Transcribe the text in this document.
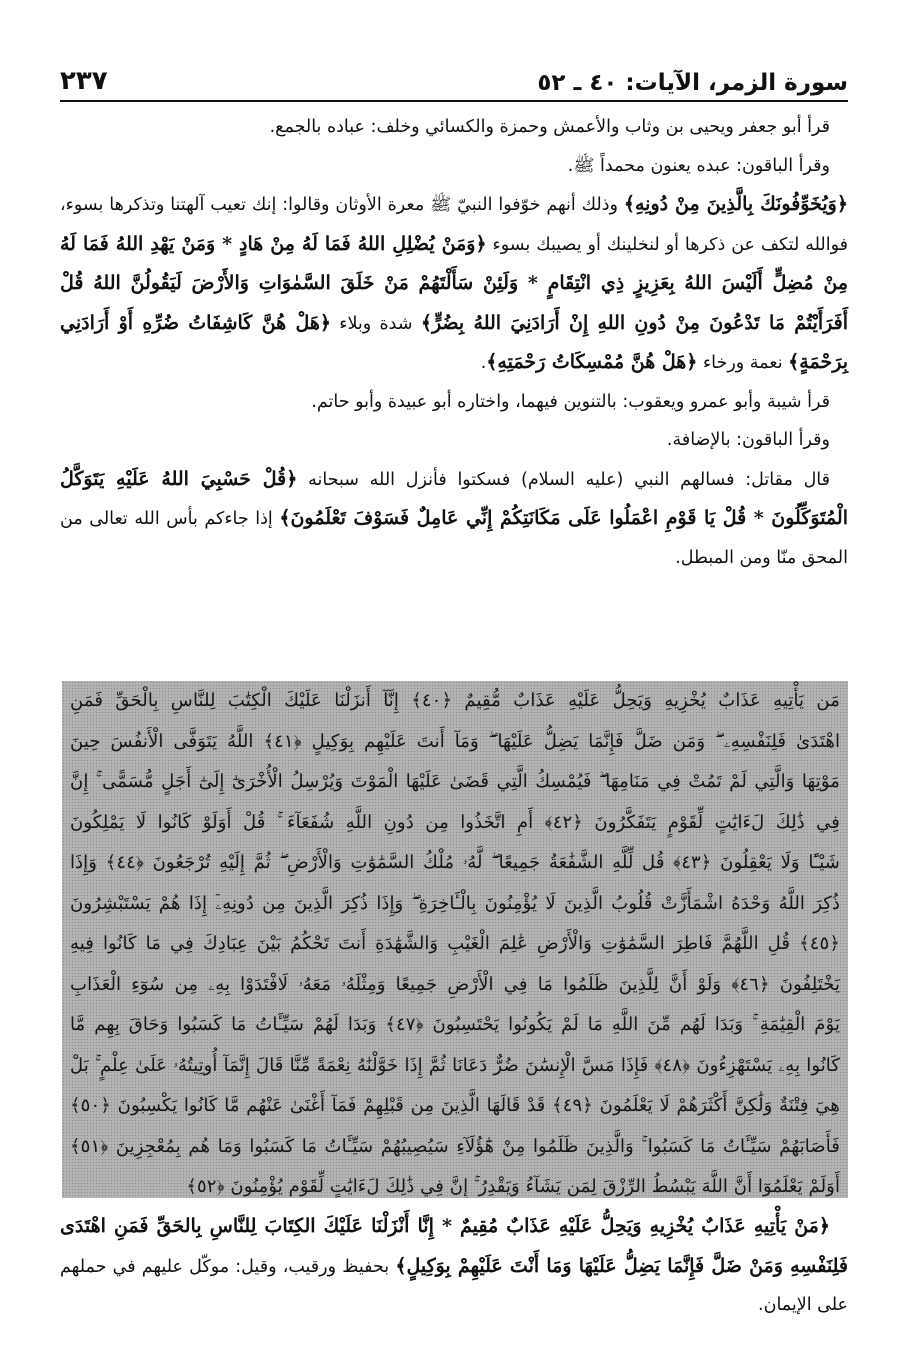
سورة الزمر، الآيات: ٤٠ ـ ٥٢
٢٣٧

قرأ أبو جعفر ويحيى بن وثاب والأعمش وحمزة والكسائي وخلف: عباده بالجمع.

وقرأ الباقون: عبده يعنون محمداً ﷺ.

﴿وَيُخَوِّفُونَكَ بِالَّذِينَ مِنْ دُونِهِ﴾ وذلك أنهم خوّفوا النبيّ ﷺ معرة الأوثان وقالوا: إنك تعيب آلهتنا وتذكرها بسوء، فوالله لتكف عن ذكرها أو لنخلينك أو يصيبك بسوء ﴿وَمَنْ يُضْلِلِ اللهُ فَمَا لَهُ مِنْ هَادٍ * وَمَنْ يَهْدِ اللهُ فَمَا لَهُ مِنْ مُضِلٍّ أَلَيْسَ اللهُ بِعَزِيزٍ ذِي انْتِقَامٍ * وَلَئِنْ سَأَلْتَهُمْ مَنْ خَلَقَ السَّمٰوَاتِ وَالأَرْضَ لَيَقُولُنَّ اللهُ قُلْ أَفَرَأَيْتُمْ مَا تَدْعُونَ مِنْ دُونِ اللهِ إِنْ أَرَادَنِيَ اللهُ بِضُرٍّ﴾ شدة وبلاء ﴿هَلْ هُنَّ كَاشِفَاتُ ضُرِّهِ أَوْ أَرَادَنِي بِرَحْمَةٍ﴾ نعمة ورخاء ﴿هَلْ هُنَّ مُمْسِكَاتُ رَحْمَتِهِ﴾.

قرأ شيبة وأبو عمرو ويعقوب: بالتنوين فيهما، واختاره أبو عبيدة وأبو حاتم.

وقرأ الباقون: بالإضافة.

قال مقاتل: فسالهم النبي (عليه السلام) فسكتوا فأنزل الله سبحانه ﴿قُلْ حَسْبِيَ اللهُ عَلَيْهِ يَتَوَكَّلُ الْمُتَوَكِّلُونَ * قُلْ يَا قَوْمِ اعْمَلُوا عَلَى مَكَانَتِكُمْ إِنِّي عَامِلٌ فَسَوْفَ تَعْلَمُونَ﴾ إذا جاءكم بأس الله تعالى من المحق منّا ومن المبطل.

مَن يَأْتِيهِ عَذَابٌ يُخْزِيهِ وَيَحِلُّ عَلَيْهِ عَذَابٌ مُّقِيمٌ ﴿٤٠﴾ إِنَّآ أَنزَلْنَا عَلَيْكَ الْكِتَٰبَ لِلنَّاسِ بِالْحَقِّ فَمَنِ
اهْتَدَىٰ فَلِنَفْسِهِۦ ۖ وَمَن ضَلَّ فَإِنَّمَا يَضِلُّ عَلَيْهَا ۖ وَمَآ أَنتَ عَلَيْهِم بِوَكِيلٍ ﴿٤١﴾ اللَّهُ يَتَوَفَّى الْأَنفُسَ حِينَ
مَوْتِهَا وَالَّتِي لَمْ تَمُتْ فِي مَنَامِهَا ۖ فَيُمْسِكُ الَّتِي قَضَىٰ عَلَيْهَا الْمَوْتَ وَيُرْسِلُ الْأُخْرَىٰٓ إِلَىٰٓ أَجَلٍ مُّسَمًّى ۚ إِنَّ
فِي ذَٰلِكَ لَءَايَٰتٍ لِّقَوْمٍ يَتَفَكَّرُونَ ﴿٤٢﴾ أَمِ اتَّخَذُوا مِن دُونِ اللَّهِ شُفَعَآءَ ۚ قُلْ أَوَلَوْ كَانُوا لَا يَمْلِكُونَ
شَيْـًٔا وَلَا يَعْقِلُونَ ﴿٤٣﴾ قُل لِّلَّهِ الشَّفَٰعَةُ جَمِيعًا ۖ لَّهُۥ مُلْكُ السَّمَٰوَٰتِ وَالْأَرْضِ ۖ ثُمَّ إِلَيْهِ تُرْجَعُونَ ﴿٤٤﴾ وَإِذَا
ذُكِرَ اللَّهُ وَحْدَهُ اشْمَأَزَّتْ قُلُوبُ الَّذِينَ لَا يُؤْمِنُونَ بِالْـَٔاخِرَةِ ۖ وَإِذَا ذُكِرَ الَّذِينَ مِن دُونِهِۦٓ إِذَا هُمْ يَسْتَبْشِرُونَ
﴿٤٥﴾ قُلِ اللَّهُمَّ فَاطِرَ السَّمَٰوَٰتِ وَالْأَرْضِ عَٰلِمَ الْغَيْبِ وَالشَّهَٰدَةِ أَنتَ تَحْكُمُ بَيْنَ عِبَادِكَ فِي مَا كَانُوا فِيهِ
يَخْتَلِفُونَ ﴿٤٦﴾ وَلَوْ أَنَّ لِلَّذِينَ ظَلَمُوا مَا فِي الْأَرْضِ جَمِيعًا وَمِثْلَهُۥ مَعَهُۥ لَافْتَدَوْا بِهِۦ مِن سُوٓءِ الْعَذَابِ
يَوْمَ الْقِيَٰمَةِ ۚ وَبَدَا لَهُم مِّنَ اللَّهِ مَا لَمْ يَكُونُوا يَحْتَسِبُونَ ﴿٤٧﴾ وَبَدَا لَهُمْ سَيِّـَٔاتُ مَا كَسَبُوا وَحَاقَ بِهِم مَّا
كَانُوا بِهِۦ يَسْتَهْزِءُونَ ﴿٤٨﴾ فَإِذَا مَسَّ الْإِنسَٰنَ ضُرٌّ دَعَانَا ثُمَّ إِذَا خَوَّلْنَٰهُ نِعْمَةً مِّنَّا قَالَ إِنَّمَآ أُوتِيتُهُۥ عَلَىٰ عِلْمٍ ۚ بَلْ
هِيَ فِتْنَةٌ وَلَٰكِنَّ أَكْثَرَهُمْ لَا يَعْلَمُونَ ﴿٤٩﴾ قَدْ قَالَهَا الَّذِينَ مِن قَبْلِهِمْ فَمَآ أَغْنَىٰ عَنْهُم مَّا كَانُوا يَكْسِبُونَ ﴿٥٠﴾
فَأَصَابَهُمْ سَيِّـَٔاتُ مَا كَسَبُوا ۚ وَالَّذِينَ ظَلَمُوا مِنْ هَٰٓؤُلَآءِ سَيُصِيبُهُمْ سَيِّـَٔاتُ مَا كَسَبُوا وَمَا هُم بِمُعْجِزِينَ ﴿٥١﴾
أَوَلَمْ يَعْلَمُوٓا أَنَّ اللَّهَ يَبْسُطُ الرِّزْقَ لِمَن يَشَآءُ وَيَقْدِرُ ۚ إِنَّ فِي ذَٰلِكَ لَءَايَٰتٍ لِّقَوْمٍ يُؤْمِنُونَ ﴿٥٢﴾

﴿مَنْ يَأْتِيهِ عَذَابٌ يُخْزِيهِ وَيَحِلُّ عَلَيْهِ عَذَابٌ مُقِيمٌ * إِنَّا أَنْزَلْنَا عَلَيْكَ الكِتَابَ لِلنَّاسِ بِالحَقِّ فَمَنِ اهْتَدَى فَلِنَفْسِهِ وَمَنْ ضَلَّ فَإِنَّمَا يَضِلُّ عَلَيْهَا وَمَا أَنْتَ عَلَيْهِمْ بِوَكِيلٍ﴾ بحفيظ ورقيب، وقيل: موكّل عليهم في حملهم على الإيمان.
